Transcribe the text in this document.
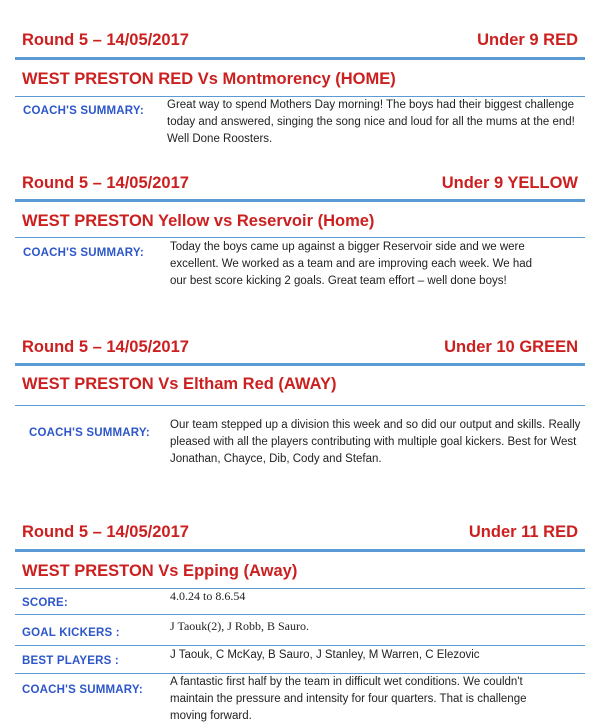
Round 5 – 14/05/2017	Under 9 RED
WEST PRESTON RED Vs Montmorency (HOME)
COACH'S SUMMARY: Great way to spend Mothers Day morning! The boys had their biggest challenge today and answered, singing the song nice and loud for all the mums at the end! Well Done Roosters.
Round 5 – 14/05/2017	Under 9 YELLOW
WEST PRESTON Yellow vs Reservoir (Home)
COACH'S SUMMARY: Today the boys came up against a bigger Reservoir side and we were excellent. We worked as a team and are improving each week. We had our best score kicking 2 goals. Great team effort – well done boys!
Round 5 – 14/05/2017	Under 10 GREEN
WEST PRESTON Vs Eltham Red (AWAY)
COACH'S SUMMARY:
Our team stepped up a division this week and so did our output and skills. Really pleased with all the players contributing with multiple goal kickers. Best for West Jonathan, Chayce, Dib, Cody and Stefan.
Round 5 – 14/05/2017	Under 11 RED
WEST PRESTON Vs Epping (Away)
SCORE:	4.0.24 to 8.6.54
GOAL KICKERS :	J Taouk(2), J Robb, B Sauro.
BEST PLAYERS :	J Taouk, C McKay, B Sauro, J Stanley, M Warren, C Elezovic
COACH'S SUMMARY:
A fantastic first half by the team in difficult wet conditions. We couldn't maintain the pressure and intensity for four quarters. That is challenge moving forward.
